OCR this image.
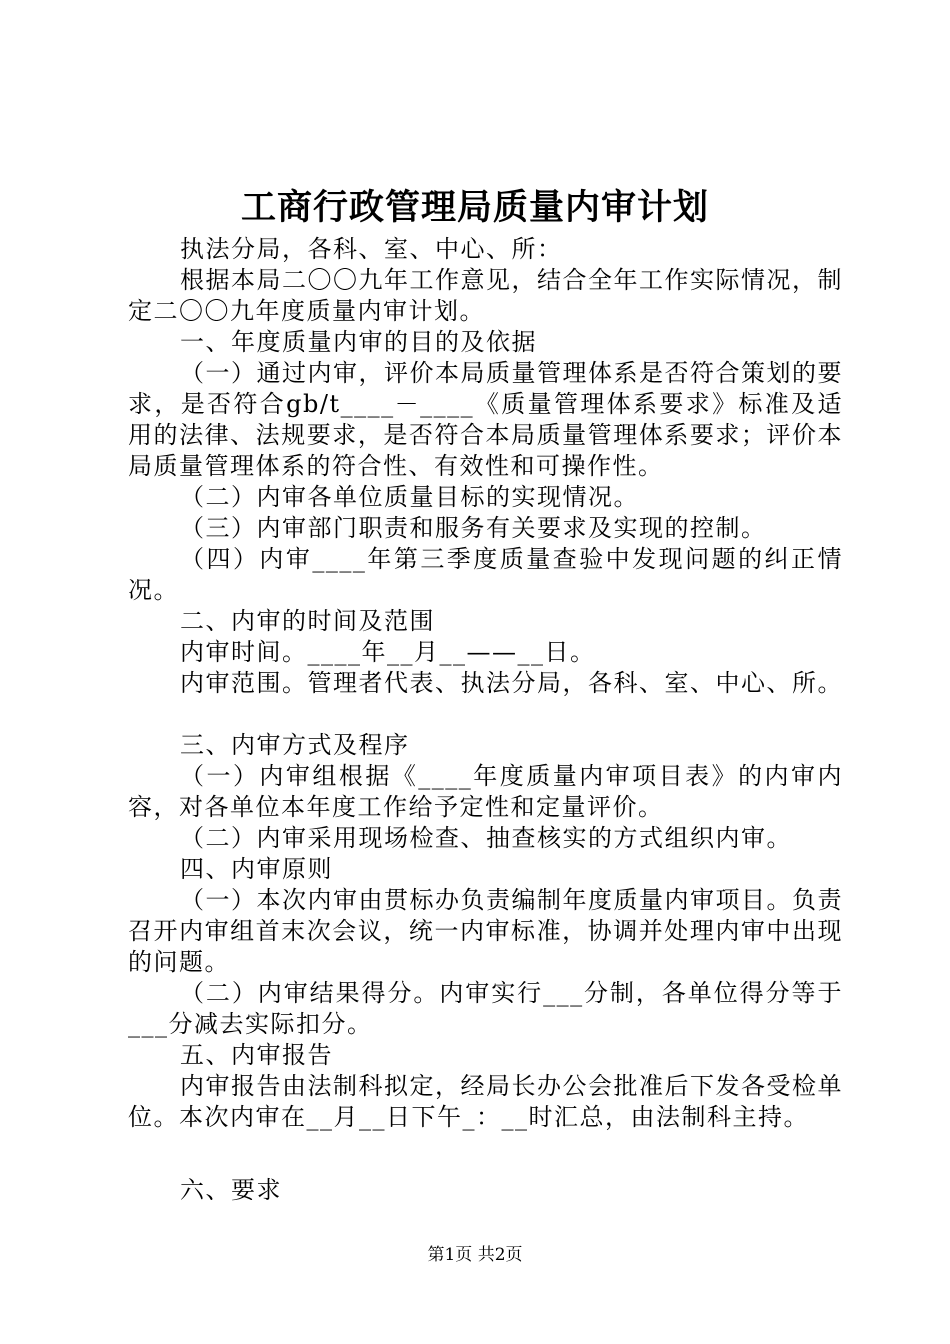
工商行政管理局质量内审计划

执法分局，各科、室、中心、所：

根据本局二〇〇九年工作意见，结合全年工作实际情况，制定二〇〇九年度质量内审计划。

一、年度质量内审的目的及依据

（一）通过内审，评价本局质量管理体系是否符合策划的要求，是否符合gb/t____－____《质量管理体系要求》标准及适用的法律、法规要求，是否符合本局质量管理体系要求；评价本局质量管理体系的符合性、有效性和可操作性。

（二）内审各单位质量目标的实现情况。

（三）内审部门职责和服务有关要求及实现的控制。

（四）内审____年第三季度质量查验中发现问题的纠正情况。

二、内审的时间及范围

内审时间。____年__月__——__日。

内审范围。管理者代表、执法分局，各科、室、中心、所。

三、内审方式及程序

（一）内审组根据《____年度质量内审项目表》的内审内容，对各单位本年度工作给予定性和定量评价。

（二）内审采用现场检查、抽查核实的方式组织内审。

四、内审原则

（一）本次内审由贯标办负责编制年度质量内审项目。负责召开内审组首末次会议，统一内审标准，协调并处理内审中出现的问题。

（二）内审结果得分。内审实行___分制，各单位得分等于___分减去实际扣分。

五、内审报告

内审报告由法制科拟定，经局长办公会批准后下发各受检单位。本次内审在__月__日下午_：__时汇总，由法制科主持。

六、要求

第1页 共2页
